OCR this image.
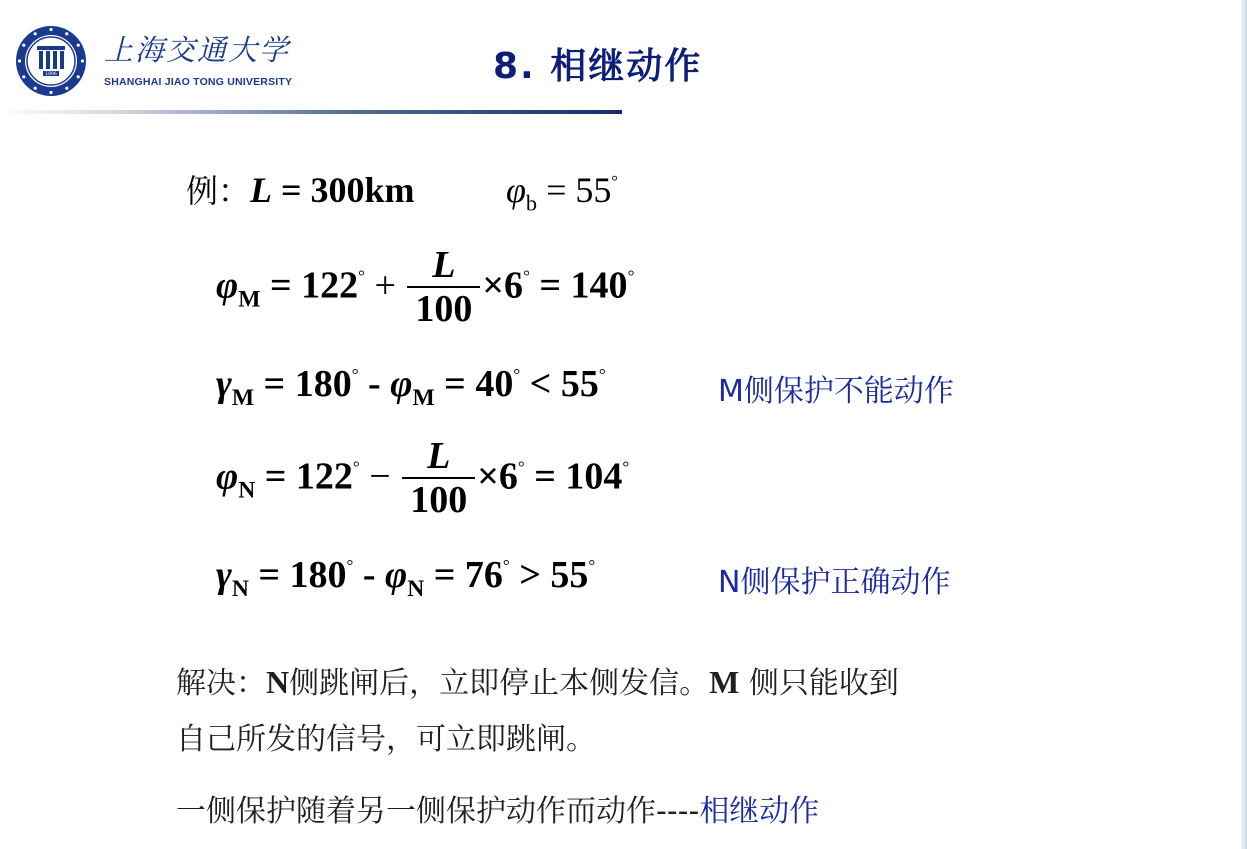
1896
上海交通大学
SHANGHAI JIAO TONG UNIVERSITY	8. 相继动作
例：L = 300km	$\varphi_b = 55^\circ$
$\varphi_M = 122^\circ + \frac{L}{100} \times 6^\circ = 140^\circ$
$\gamma_M = 180^\circ - \varphi_M = 40^\circ < 55^\circ$	M侧保护不能动作
$\varphi_N = 122^\circ - \frac{L}{100} \times 6^\circ = 104^\circ$
$\gamma_N = 180^\circ - \varphi_N = 76^\circ > 55^\circ$	N侧保护正确动作
解决：N侧跳闸后，立即停止本侧发信。M 侧只能收到
自己所发的信号，可立即跳闸。
一侧保护随着另一侧保护动作而动作----相继动作
